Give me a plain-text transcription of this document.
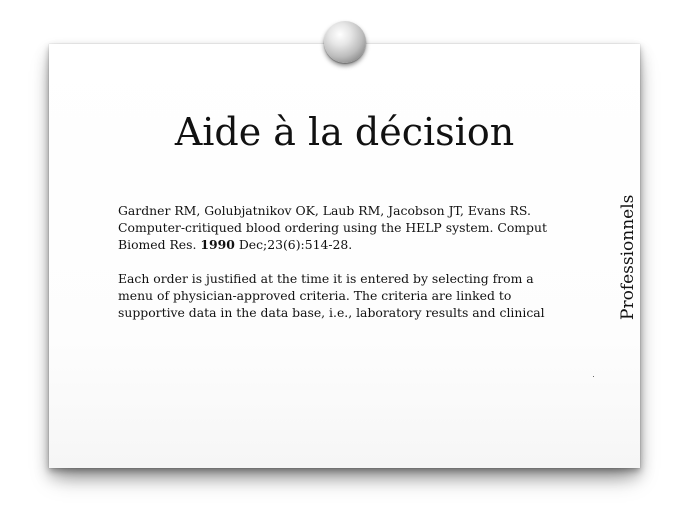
Aide à la décision

Gardner RM, Golubjatnikov OK, Laub RM, Jacobson JT, Evans RS.
Computer-critiqued blood ordering using the HELP system. Comput
Biomed Res. 1990 Dec;23(6):514-28.

Each order is justified at the time it is entered by selecting from a
menu of physician-approved criteria. The criteria are linked to
supportive data in the data base, i.e., laboratory results and clinical	Professionnels
